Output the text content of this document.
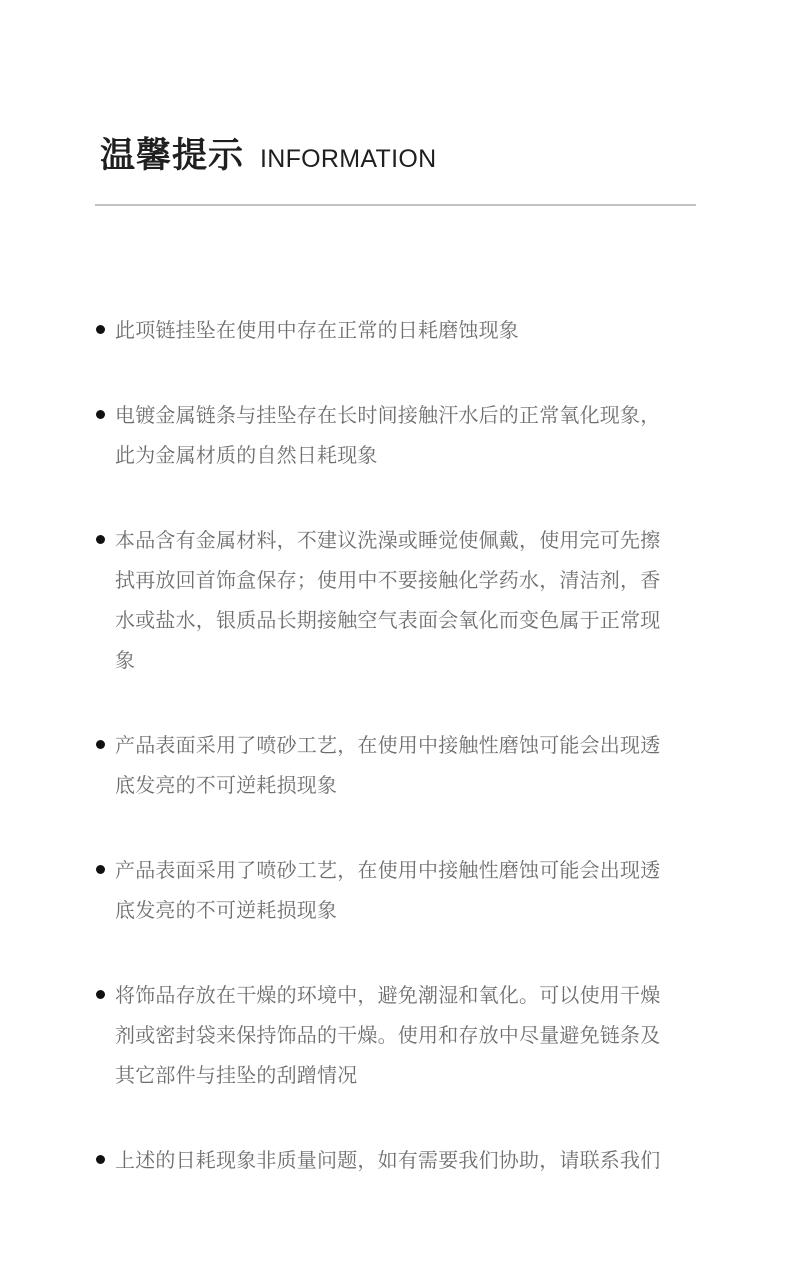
温馨提示 INFORMATION
此项链挂坠在使用中存在正常的日耗磨蚀现象
电镀金属链条与挂坠存在长时间接触汗水后的正常氧化现象，此为金属材质的自然日耗现象
本品含有金属材料，不建议洗澡或睡觉使佩戴，使用完可先擦拭再放回首饰盒保存；使用中不要接触化学药水，清洁剂，香水或盐水，银质品长期接触空气表面会氧化而变色属于正常现象
产品表面采用了喷砂工艺，在使用中接触性磨蚀可能会出现透底发亮的不可逆耗损现象
产品表面采用了喷砂工艺，在使用中接触性磨蚀可能会出现透底发亮的不可逆耗损现象
将饰品存放在干燥的环境中，避免潮湿和氧化。可以使用干燥剂或密封袋来保持饰品的干燥。使用和存放中尽量避免链条及其它部件与挂坠的刮蹭情况
上述的日耗现象非质量问题，如有需要我们协助，请联系我们
